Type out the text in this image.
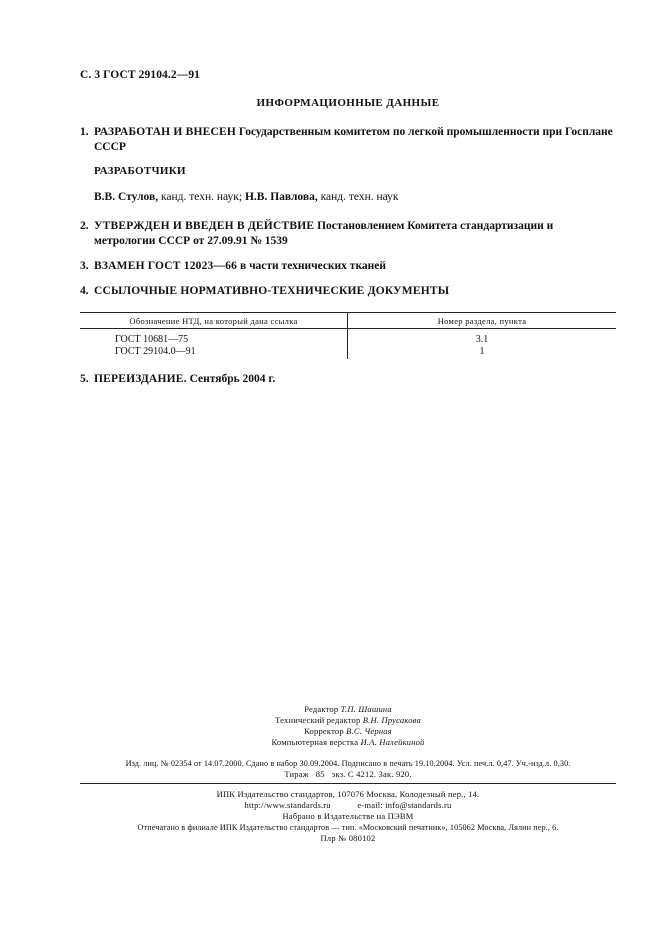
С. 3 ГОСТ 29104.2—91
ИНФОРМАЦИОННЫЕ ДАННЫЕ
1. РАЗРАБОТАН И ВНЕСЕН Государственным комитетом по легкой промышленности при Госплане СССР
РАЗРАБОТЧИКИ
В.В. Стулов, канд. техн. наук; Н.В. Павлова, канд. техн. наук
2. УТВЕРЖДЕН И ВВЕДЕН В ДЕЙСТВИЕ Постановлением Комитета стандартизации и метрологии СССР от 27.09.91 № 1539
3. ВЗАМЕН ГОСТ 12023—66 в части технических тканей
4. ССЫЛОЧНЫЕ НОРМАТИВНО-ТЕХНИЧЕСКИЕ ДОКУМЕНТЫ
Обозначение НТД, на который дана ссылка	Номер раздела, пункта
ГОСТ 10681—75	3.1
ГОСТ 29104.0—91	1
5. ПЕРЕИЗДАНИЕ. Сентябрь 2004 г.
Редактор Т.П. Шашина
Технический редактор В.Н. Прусакова
Корректор В.С. Черная
Компьютерная верстка И.А. Налейкиной
Изд. лиц. № 02354 от 14.07.2000. Сдано в набор 30.09.2004. Подписано в печать 19.10.2004. Усл. печ.л. 0,47. Уч.-изд.л. 0,30.
Тираж   85   экз. С 4212. Зак. 920.
ИПК Издательство стандартов, 107076 Москва, Колодезный пер., 14.
http://www.standards.ru	e-mail: info@standards.ru
Набрано в Издательстве на ПЭВМ
Отпечатано в филиале ИПК Издательство стандартов — тип. «Московский печатник», 105062 Москва, Лялин пер., 6.
Плр № 080102
